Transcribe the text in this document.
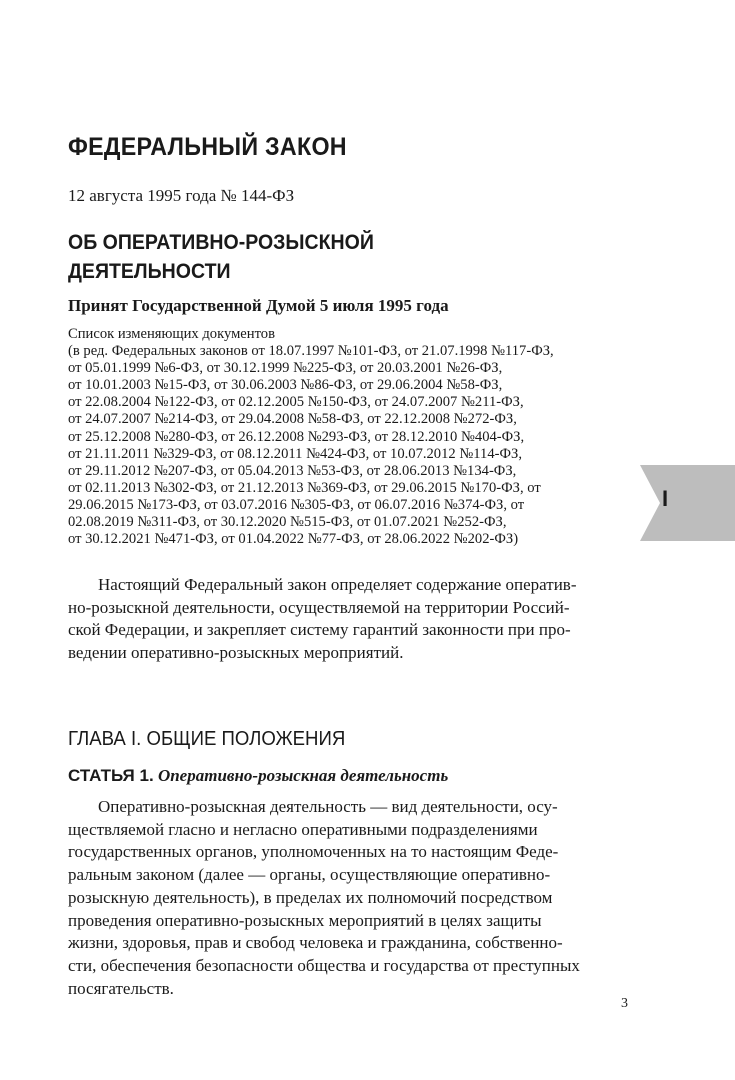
ФЕДЕРАЛЬНЫЙ ЗАКОН
12 августа 1995 года № 144-ФЗ
ОБ ОПЕРАТИВНО-РОЗЫСКНОЙ
ДЕЯТЕЛЬНОСТИ
Принят Государственной Думой 5 июля 1995 года
Список изменяющих документов
(в ред. Федеральных законов от 18.07.1997 №101-ФЗ, от 21.07.1998 №117-ФЗ,
от 05.01.1999 №6-ФЗ, от 30.12.1999 №225-ФЗ, от 20.03.2001 №26-ФЗ,
от 10.01.2003 №15-ФЗ, от 30.06.2003 №86-ФЗ, от 29.06.2004 №58-ФЗ,
от 22.08.2004 №122-ФЗ, от 02.12.2005 №150-ФЗ, от 24.07.2007 №211-ФЗ,
от 24.07.2007 №214-ФЗ, от 29.04.2008 №58-ФЗ, от 22.12.2008 №272-ФЗ,
от 25.12.2008 №280-ФЗ, от 26.12.2008 №293-ФЗ, от 28.12.2010 №404-ФЗ,
от 21.11.2011 №329-ФЗ, от 08.12.2011 №424-ФЗ, от 10.07.2012 №114-ФЗ,
от 29.11.2012 №207-ФЗ, от 05.04.2013 №53-ФЗ, от 28.06.2013 №134-ФЗ,
от 02.11.2013 №302-ФЗ, от 21.12.2013 №369-ФЗ, от 29.06.2015 №170-ФЗ, от
29.06.2015 №173-ФЗ, от 03.07.2016 №305-ФЗ, от 06.07.2016 №374-ФЗ, от
02.08.2019 №311-ФЗ, от 30.12.2020 №515-ФЗ, от 01.07.2021 №252-ФЗ,
от 30.12.2021 №471-ФЗ, от 01.04.2022 №77-ФЗ, от 28.06.2022 №202-ФЗ)
I
Настоящий Федеральный закон определяет содержание оператив-
но-розыскной деятельности, осуществляемой на территории Россий-
ской Федерации, и закрепляет систему гарантий законности при про-
ведении оперативно-розыскных мероприятий.
ГЛАВА I. ОБЩИЕ ПОЛОЖЕНИЯ
СТАТЬЯ 1. Оперативно-розыскная деятельность
Оперативно-розыскная деятельность — вид деятельности, осу-
ществляемой гласно и негласно оперативными подразделениями
государственных органов, уполномоченных на то настоящим Феде-
ральным законом (далее — органы, осуществляющие оперативно-
розыскную деятельность), в пределах их полномочий посредством
проведения оперативно-розыскных мероприятий в целях защиты
жизни, здоровья, прав и свобод человека и гражданина, собственно-
сти, обеспечения безопасности общества и государства от преступных
посягательств.
3
